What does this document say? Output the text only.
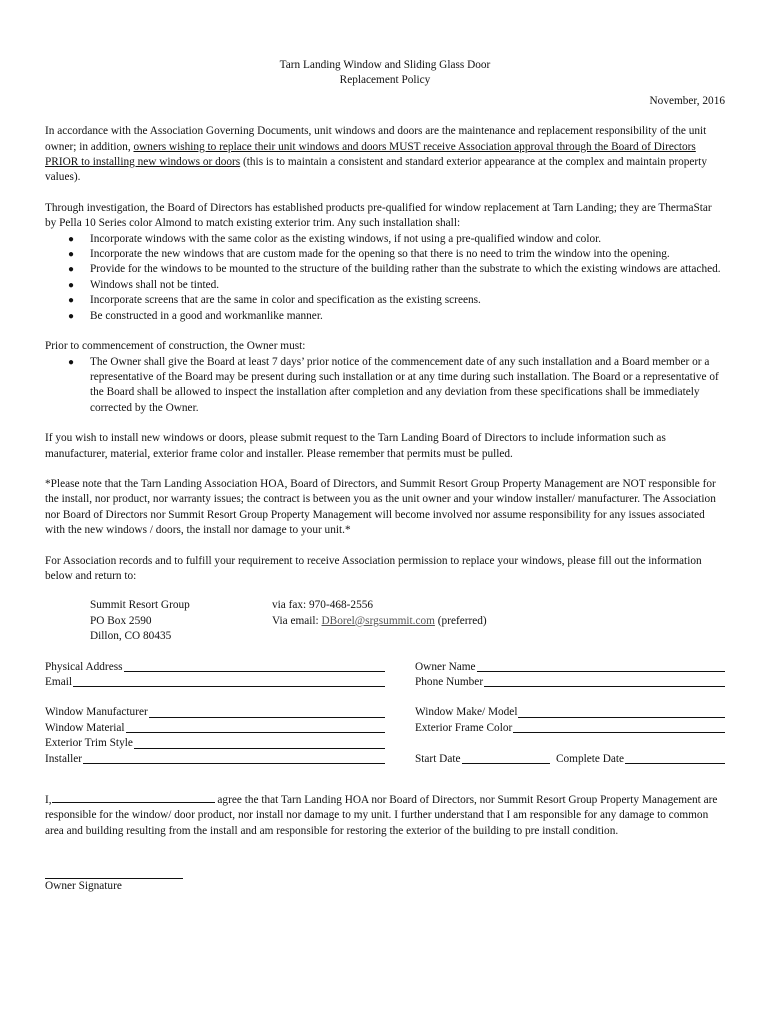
Tarn Landing Window and Sliding Glass Door
Replacement Policy
November, 2016

In accordance with the Association Governing Documents, unit windows and doors are the maintenance and replacement responsibility of the unit owner; in addition, owners wishing to replace their unit windows and doors MUST receive Association approval through the Board of Directors PRIOR to installing new windows or doors (this is to maintain a consistent and standard exterior appearance at the complex and maintain property values).

Through investigation, the Board of Directors has established products pre-qualified for window replacement at Tarn Landing; they are ThermaStar by Pella 10 Series color Almond to match existing exterior trim. Any such installation shall:

● Incorporate windows with the same color as the existing windows, if not using a pre-qualified window and color.
● Incorporate the new windows that are custom made for the opening so that there is no need to trim the window into the opening.
● Provide for the windows to be mounted to the structure of the building rather than the substrate to which the existing windows are attached.
● Windows shall not be tinted.
● Incorporate screens that are the same in color and specification as the existing screens.
● Be constructed in a good and workmanlike manner.

Prior to commencement of construction, the Owner must:

● The Owner shall give the Board at least 7 days’ prior notice of the commencement date of any such installation and a Board member or a representative of the Board may be present during such installation or at any time during such installation. The Board or a representative of the Board shall be allowed to inspect the installation after completion and any deviation from these specifications shall be immediately corrected by the Owner.

If you wish to install new windows or doors, please submit request to the Tarn Landing Board of Directors to include information such as manufacturer, material, exterior frame color and installer. Please remember that permits must be pulled.

*Please note that the Tarn Landing Association HOA, Board of Directors, and Summit Resort Group Property Management are NOT responsible for the install, nor product, nor warranty issues; the contract is between you as the unit owner and your window installer/ manufacturer. The Association nor Board of Directors nor Summit Resort Group Property Management will become involved nor assume responsibility for any issues associated with the new windows / doors, the install nor damage to your unit.*

For Association records and to fulfill your requirement to receive Association permission to replace your windows, please fill out the information below and return to:

Summit Resort Group
PO Box 2590
Dillon, CO 80435
via fax: 970-468-2556
Via email: DBorel@srgsummit.com (preferred)
Physical Address	Owner Name
Email	Phone Number
Window Manufacturer	Window Make/ Model
Window Material	Exterior Frame Color
Exterior Trim Style
Installer	Start Date	Complete Date

I,	agree the that Tarn Landing HOA nor Board of Directors, nor Summit Resort Group Property Management are responsible for the window/ door product, nor install nor damage to my unit. I further understand that I am responsible for any damage to common area and building resulting from the install and am responsible for restoring the exterior of the building to pre install condition.

Owner Signature
